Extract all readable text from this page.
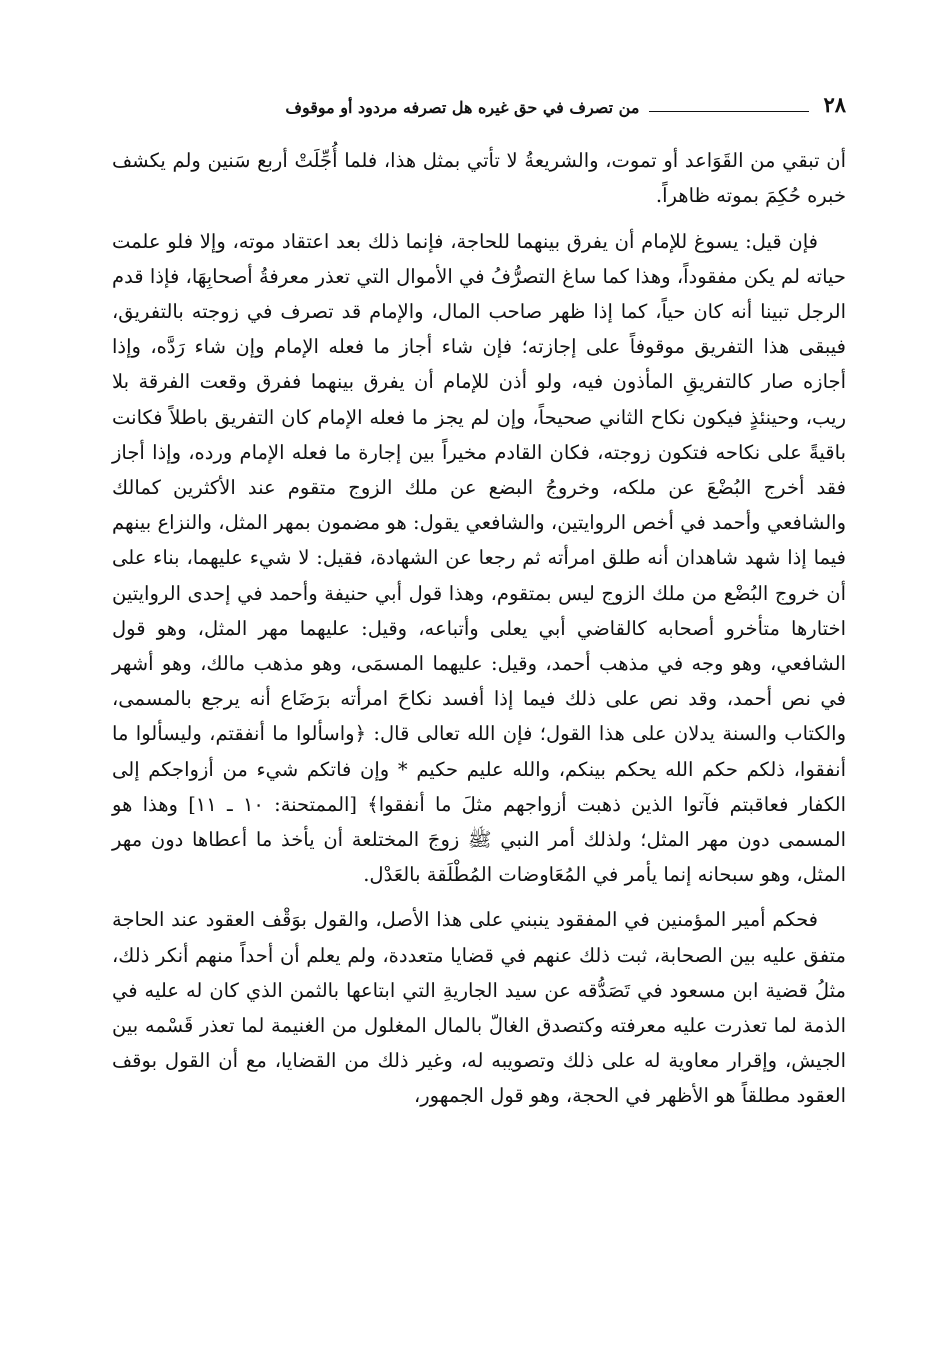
٢٨
من تصرف في حق غيره هل تصرفه مردود أو موقوف

أن تبقي من القَوَاعد أو تموت، والشريعةُ لا تأتي بمثل هذا، فلما أُجِّلَتْ أربع سَنين ولم يكشف خبره حُكِمَ بموته ظاهراً.

فإن قيل: يسوغ للإمام أن يفرق بينهما للحاجة، فإنما ذلك بعد اعتقاد موته، وإلا فلو علمت حياته لم يكن مفقوداً، وهذا كما ساغ التصرُّفُ في الأموال التي تعذر معرفةُ أصحابِهَا، فإذا قدم الرجل تبينا أنه كان حياً، كما إذا ظهر صاحب المال، والإمام قد تصرف في زوجته بالتفريق، فيبقى هذا التفريق موقوفاً على إجازته؛ فإن شاء أجاز ما فعله الإمام وإن شاء رَدَّه، وإذا أجازه صار كالتفريقِ المأذون فيه، ولو أذن للإمام أن يفرق بينهما ففرق وقعت الفرقة بلا ريب، وحينئذٍ فيكون نكاح الثاني صحيحاً، وإن لم يجز ما فعله الإمام كان التفريق باطلاً فكانت باقيةً على نكاحه فتكون زوجته، فكان القادم مخيراً بين إجارة ما فعله الإمام ورده، وإذا أجاز فقد أخرج البُضْعَ عن ملكه، وخروجُ البضع عن ملك الزوج متقوم عند الأكثرين كمالك والشافعي وأحمد في أخص الروايتين، والشافعي يقول: هو مضمون بمهر المثل، والنزاع بينهم فيما إذا شهد شاهدان أنه طلق امرأته ثم رجعا عن الشهادة، فقيل: لا شيء عليهما، بناء على أن خروج البُضْع من ملك الزوج ليس بمتقوم، وهذا قول أبي حنيفة وأحمد في إحدى الروايتين اختارها متأخرو أصحابه كالقاضي أبي يعلى وأتباعه، وقيل: عليهما مهر المثل، وهو قول الشافعي، وهو وجه في مذهب أحمد، وقيل: عليهما المسمَى، وهو مذهب مالك، وهو أشهر في نص أحمد، وقد نص على ذلك فيما إذا أفسد نكاحَ امرأته برَضَاع أنه يرجع بالمسمى، والكتاب والسنة يدلان على هذا القول؛ فإن الله تعالى قال: ﴿واسألوا ما أنفقتم، وليسألوا ما أنفقوا، ذلكم حكم الله يحكم بينكم، والله عليم حكيم * وإن فاتكم شيء من أزواجكم إلى الكفار فعاقبتم فآتوا الذين ذهبت أزواجهم مثلَ ما أنفقوا﴾ [الممتحنة: ١٠ ـ ١١] وهذا هو المسمى دون مهر المثل؛ ولذلك أمر النبي ﷺ زوجَ المختلعة أن يأخذ ما أعطاها دون مهر المثل، وهو سبحانه إنما يأمر في المُعَاوضات المُطْلَقة بالعَدْل.

فحكم أمير المؤمنين في المفقود ينبني على هذا الأصل، والقول بوَقْف العقود عند الحاجة متفق عليه بين الصحابة، ثبت ذلك عنهم في قضايا متعددة، ولم يعلم أن أحداً منهم أنكر ذلك، مثلُ قضية ابن مسعود في تَصَدُّقه عن سيد الجاريةِ التي ابتاعها بالثمن الذي كان له عليه في الذمة لما تعذرت عليه معرفته وكتصدق الغالّ بالمال المغلول من الغنيمة لما تعذر قَسْمه بين الجيش، وإقرار معاوية له على ذلك وتصويبه له، وغير ذلك من القضايا، مع أن القول بوقف العقود مطلقاً هو الأظهر في الحجة، وهو قول الجمهور،
